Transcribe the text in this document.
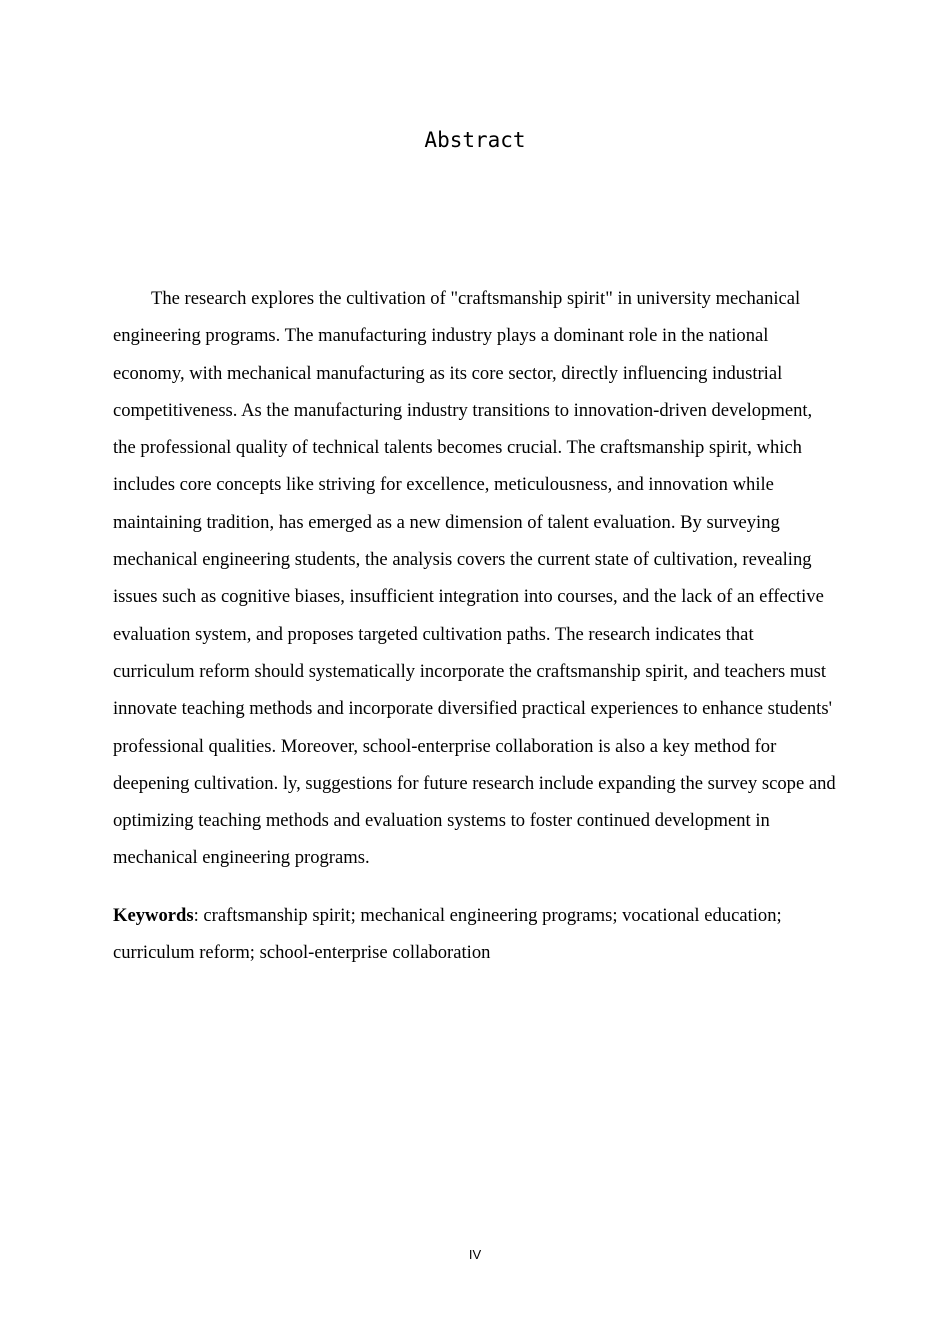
Abstract

The research explores the cultivation of "craftsmanship spirit" in university mechanical engineering programs. The manufacturing industry plays a dominant role in the national economy, with mechanical manufacturing as its core sector, directly influencing industrial competitiveness. As the manufacturing industry transitions to innovation-driven development, the professional quality of technical talents becomes crucial. The craftsmanship spirit, which includes core concepts like striving for excellence, meticulousness, and innovation while maintaining tradition, has emerged as a new dimension of talent evaluation. By surveying mechanical engineering students, the analysis covers the current state of cultivation, revealing issues such as cognitive biases, insufficient integration into courses, and the lack of an effective evaluation system, and proposes targeted cultivation paths. The research indicates that curriculum reform should systematically incorporate the craftsmanship spirit, and teachers must innovate teaching methods and incorporate diversified practical experiences to enhance students' professional qualities. Moreover, school-enterprise collaboration is also a key method for deepening cultivation. ly, suggestions for future research include expanding the survey scope and optimizing teaching methods and evaluation systems to foster continued development in mechanical engineering programs.

Keywords: craftsmanship spirit; mechanical engineering programs; vocational education; curriculum reform; school-enterprise collaboration

IV
